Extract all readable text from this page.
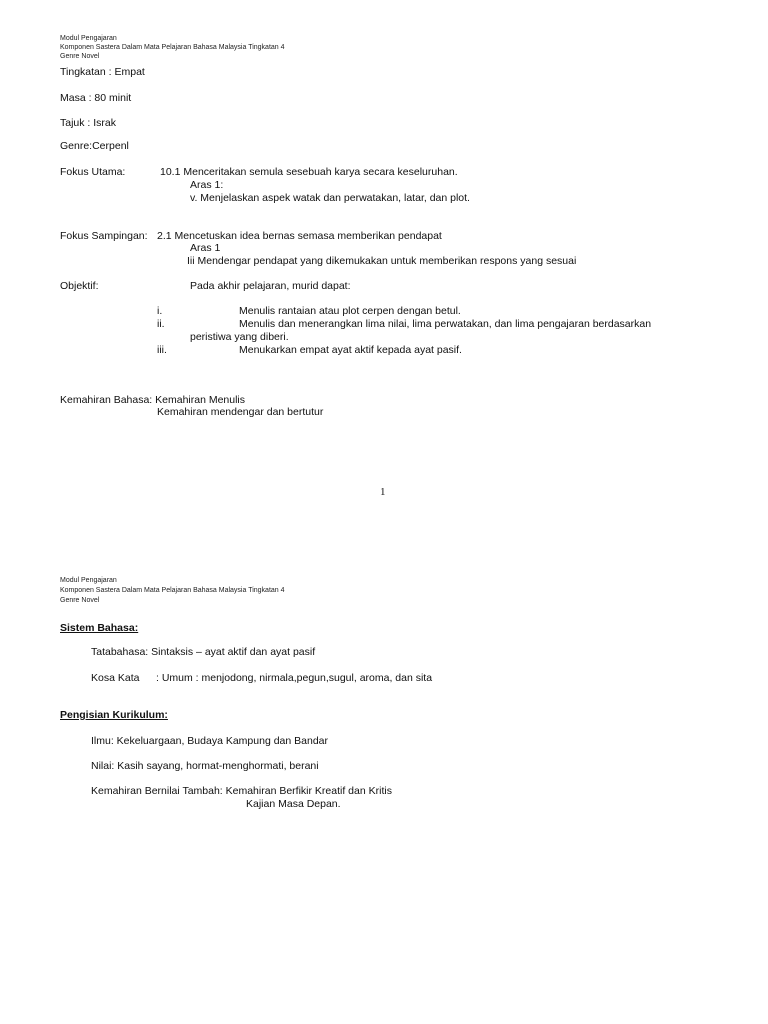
Modul Pengajaran
Komponen Sastera Dalam Mata Pelajaran Bahasa Malaysia Tingkatan 4
Genre Novel
Tingkatan : Empat
Masa : 80 minit
Tajuk : Israk
Genre:Cerpenl
Fokus Utama:	10.1 Menceritakan semula sesebuah karya secara keseluruhan.
Aras 1:
v. Menjelaskan aspek watak dan perwatakan, latar, dan plot.
Fokus Sampingan: 2.1 Mencetuskan idea bernas semasa memberikan pendapat
Aras 1
Iii Mendengar pendapat yang dikemukakan untuk memberikan respons yang sesuai
Objektif:	Pada akhir pelajaran, murid dapat:
i.	Menulis rantaian atau plot cerpen dengan betul.
ii.	Menulis dan menerangkan lima nilai, lima perwatakan, dan lima pengajaran berdasarkan
peristiwa yang diberi.
iii.	Menukarkan empat ayat aktif kepada ayat pasif.
Kemahiran Bahasa: Kemahiran Menulis
Kemahiran mendengar dan bertutur
1
Modul Pengajaran
Komponen Sastera Dalam Mata Pelajaran Bahasa Malaysia Tingkatan 4
Genre Novel
Sistem Bahasa:
Tatabahasa: Sintaksis – ayat aktif dan ayat pasif
Kosa Kata : Umum : menjodong, nirmala,pegun,sugul, aroma, dan sita
Pengisian Kurikulum:
Ilmu: Kekeluargaan, Budaya Kampung dan Bandar
Nilai: Kasih sayang, hormat-menghormati, berani
Kemahiran Bernilai Tambah: Kemahiran Berfikir Kreatif dan Kritis
Kajian Masa Depan.
